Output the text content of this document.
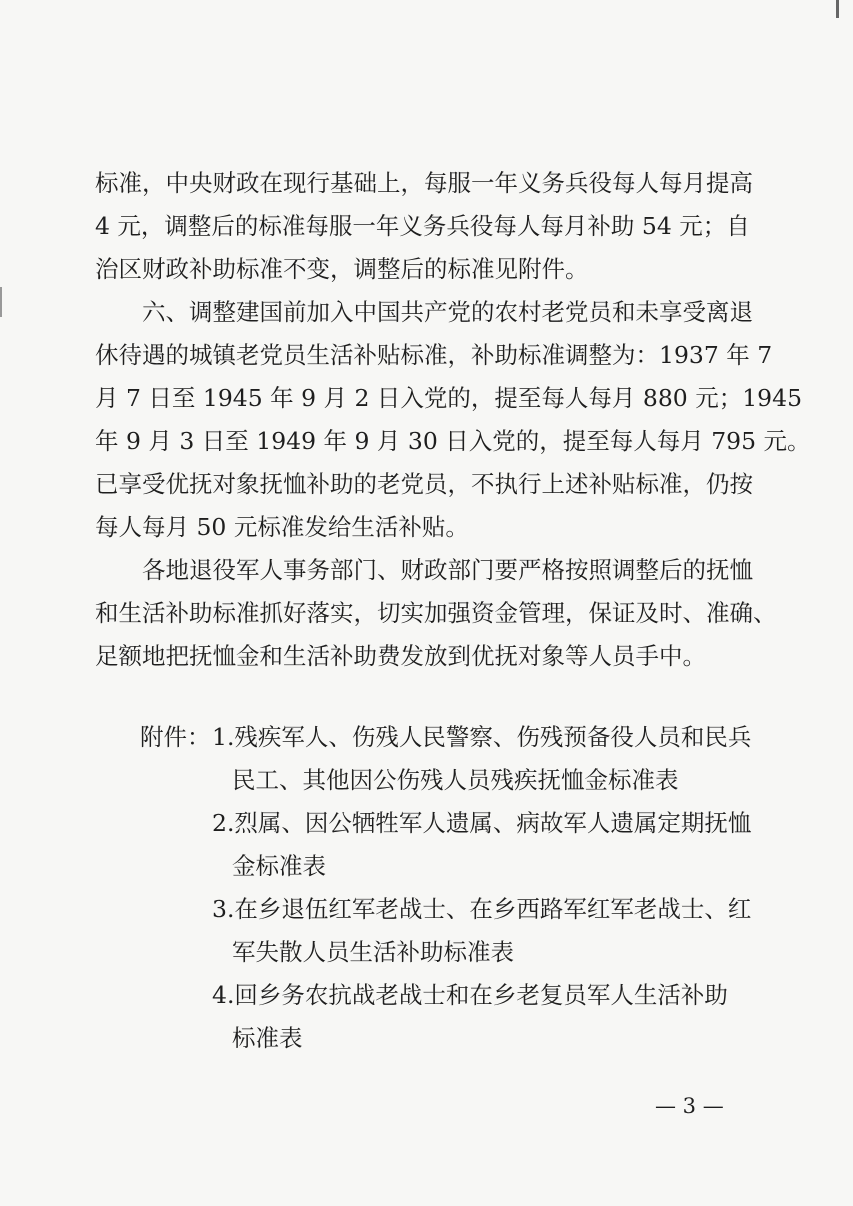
标准，中央财政在现行基础上，每服一年义务兵役每人每月提高
4 元，调整后的标准每服一年义务兵役每人每月补助 54 元；自
治区财政补助标准不变，调整后的标准见附件。
六、调整建国前加入中国共产党的农村老党员和未享受离退
休待遇的城镇老党员生活补贴标准，补助标准调整为：1937 年 7
月 7 日至 1945 年 9 月 2 日入党的，提至每人每月 880 元；1945
年 9 月 3 日至 1949 年 9 月 30 日入党的，提至每人每月 795 元。
已享受优抚对象抚恤补助的老党员，不执行上述补贴标准，仍按
每人每月 50 元标准发给生活补贴。
各地退役军人事务部门、财政部门要严格按照调整后的抚恤
和生活补助标准抓好落实，切实加强资金管理，保证及时、准确、
足额地把抚恤金和生活补助费发放到优抚对象等人员手中。
附件： 1.残疾军人、伤残人民警察、伤残预备役人员和民兵
民工、其他因公伤残人员残疾抚恤金标准表
2.烈属、因公牺牲军人遗属、病故军人遗属定期抚恤
金标准表
3.在乡退伍红军老战士、在乡西路军红军老战士、红
军失散人员生活补助标准表
4.回乡务农抗战老战士和在乡老复员军人生活补助
标准表
— 3 —
